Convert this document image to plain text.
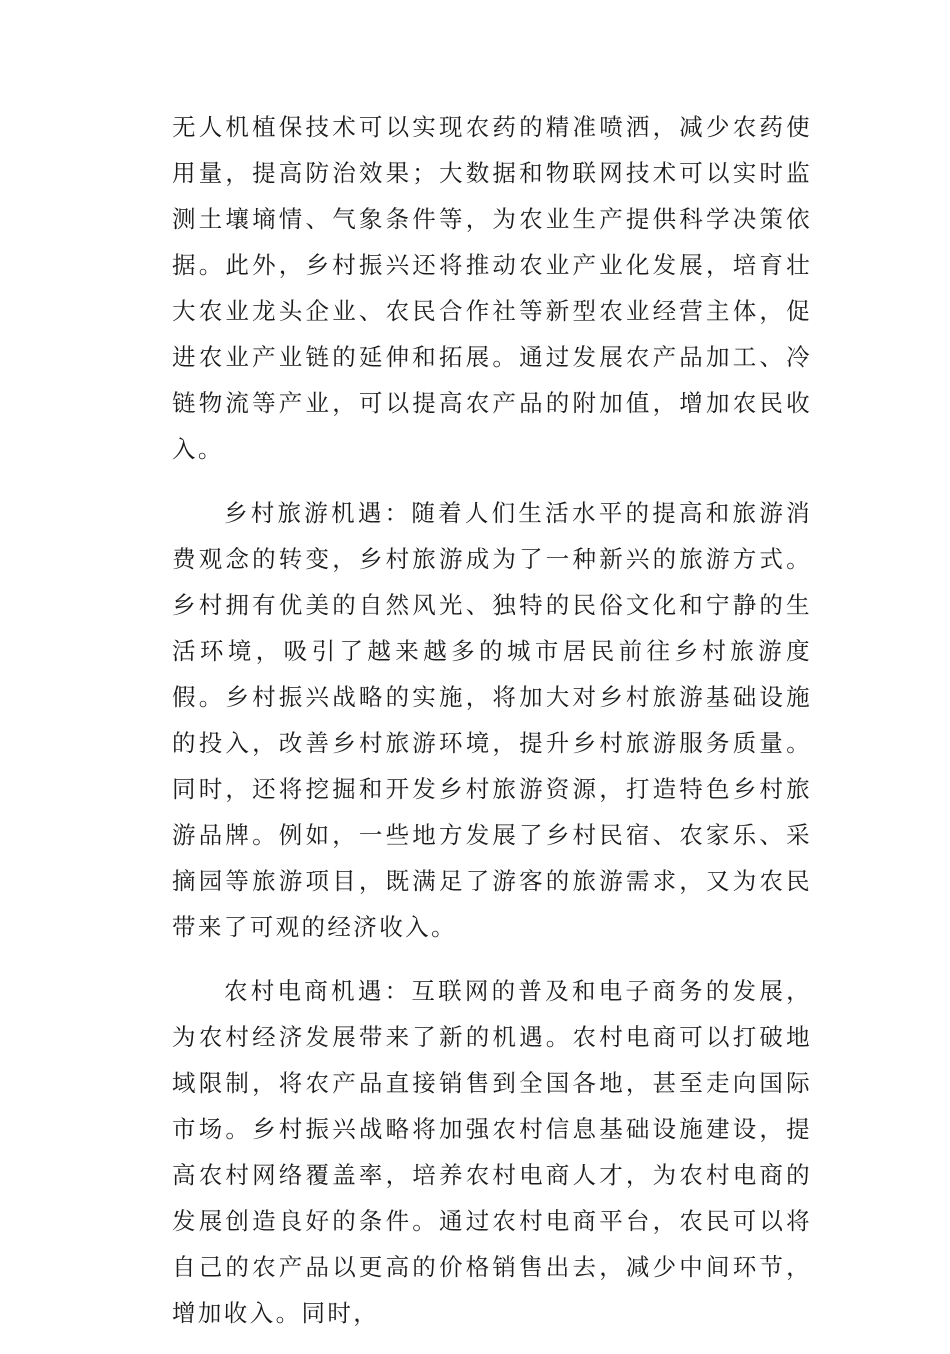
无人机植保技术可以实现农药的精准喷洒，减少农药使用量，提高防治效果；大数据和物联网技术可以实时监测土壤墒情、气象条件等，为农业生产提供科学决策依据。此外，乡村振兴还将推动农业产业化发展，培育壮大农业龙头企业、农民合作社等新型农业经营主体，促进农业产业链的延伸和拓展。通过发展农产品加工、冷链物流等产业，可以提高农产品的附加值，增加农民收入。

乡村旅游机遇：随着人们生活水平的提高和旅游消费观念的转变，乡村旅游成为了一种新兴的旅游方式。乡村拥有优美的自然风光、独特的民俗文化和宁静的生活环境，吸引了越来越多的城市居民前往乡村旅游度假。乡村振兴战略的实施，将加大对乡村旅游基础设施的投入，改善乡村旅游环境，提升乡村旅游服务质量。同时，还将挖掘和开发乡村旅游资源，打造特色乡村旅游品牌。例如，一些地方发展了乡村民宿、农家乐、采摘园等旅游项目，既满足了游客的旅游需求，又为农民带来了可观的经济收入。

农村电商机遇：互联网的普及和电子商务的发展，为农村经济发展带来了新的机遇。农村电商可以打破地域限制，将农产品直接销售到全国各地，甚至走向国际市场。乡村振兴战略将加强农村信息基础设施建设，提高农村网络覆盖率，培养农村电商人才，为农村电商的发展创造良好的条件。通过农村电商平台，农民可以将自己的农产品以更高的价格销售出去，减少中间环节，增加收入。同时，
